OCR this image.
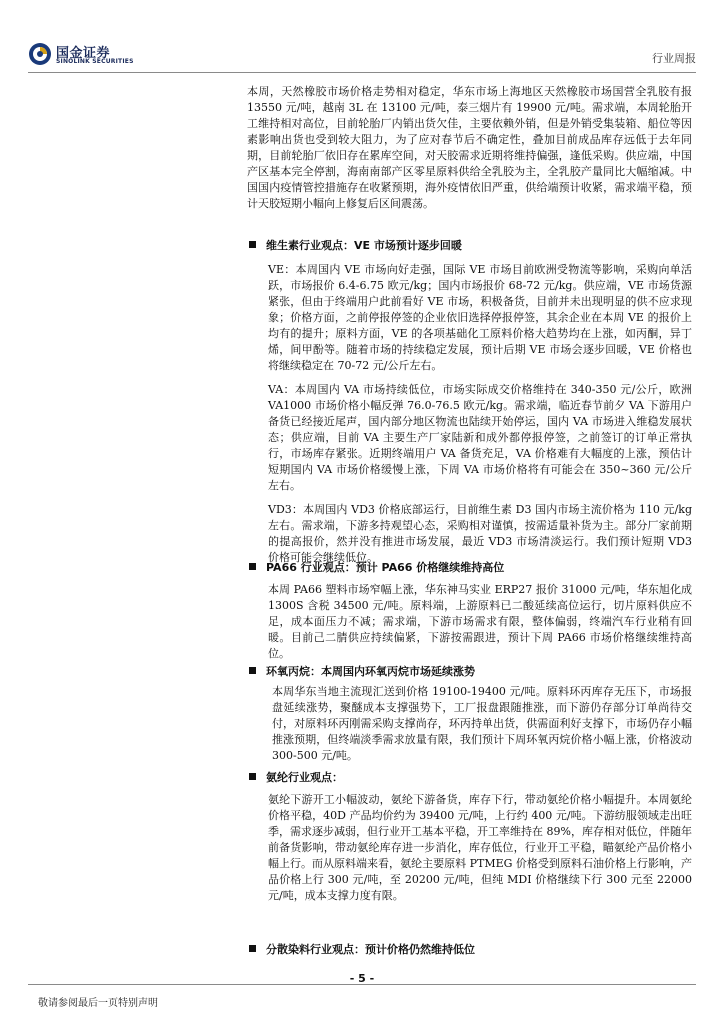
国金证券
SINOLINK SECURITIES	行业周报

本周，天然橡胶市场价格走势相对稳定，华东市场上海地区天然橡胶市场国营全乳胶有报 13550 元/吨，越南 3L 在 13100 元/吨，泰三烟片有 19900 元/吨。需求端，本周轮胎开工维持相对高位，目前轮胎厂内销出货欠佳，主要依赖外销，但是外销受集装箱、船位等因素影响出货也受到较大阻力，为了应对春节后不确定性，叠加目前成品库存远低于去年同期，目前轮胎厂依旧存在累库空间，对天胶需求近期将维持偏强，逢低采购。供应端，中国产区基本完全停割，海南南部产区零星原料供给全乳胶为主，全乳胶产量同比大幅缩减。中国国内疫情管控措施存在收紧预期，海外疫情依旧严重，供给端预计收紧，需求端平稳，预计天胶短期小幅向上修复后区间震荡。

维生素行业观点：VE 市场预计逐步回暖

VE：本周国内 VE 市场向好走强，国际 VE 市场目前欧洲受物流等影响，采购向单活跃，市场报价 6.4-6.75 欧元/kg；国内市场报价 68-72 元/kg。供应端，VE 市场货源紧张，但由于终端用户此前看好 VE 市场，积极备货，目前并未出现明显的供不应求现象；价格方面，之前停报停签的企业依旧选择停报停签，其余企业在本周 VE 的报价上均有的提升；原料方面，VE 的各项基础化工原料价格大趋势均在上涨，如丙酮，异丁烯，间甲酚等。随着市场的持续稳定发展，预计后期 VE 市场会逐步回暖，VE 价格也将继续稳定在 70-72 元/公斤左右。

VA：本周国内 VA 市场持续低位，市场实际成交价格维持在 340-350 元/公斤，欧洲 VA1000 市场价格小幅反弹 76.0-76.5 欧元/kg。需求端，临近春节前夕 VA 下游用户备货已经接近尾声，国内部分地区物流也陆续开始停运，国内 VA 市场进入维稳发展状态；供应端，目前 VA 主要生产厂家陆新和成外都停报停签，之前签订的订单正常执行，市场库存紧张。近期终端用户 VA 备货充足，VA 价格难有大幅度的上涨，预估计短期国内 VA 市场价格缓慢上涨，下周 VA 市场价格将有可能会在 350~360 元/公斤左右。

VD3：本周国内 VD3 价格底部运行，目前维生素 D3 国内市场主流价格为 110 元/kg 左右。需求端，下游多持观望心态，采购相对谨慎，按需适量补货为主。部分厂家前期的提高报价，然并没有推进市场发展，最近 VD3 市场清淡运行。我们预计短期 VD3 价格可能会继续低位。

PA66 行业观点：预计 PA66 价格继续维持高位

本周 PA66 塑料市场窄幅上涨，华东神马实业 ERP27 报价 31000 元/吨，华东旭化成 1300S 含税 34500 元/吨。原料端，上游原料已二酸延续高位运行，切片原料供应不足，成本面压力不减；需求端，下游市场需求有限，整体偏弱，终端汽车行业稍有回暖。目前己二腈供应持续偏紧，下游按需跟进，预计下周 PA66 市场价格继续维持高位。

环氧丙烷：本周国内环氧丙烷市场延续涨势

本周华东当地主流现汇送到价格 19100-19400 元/吨。原料环丙库存无压下，市场报盘延续涨势，聚醚成本支撑强势下，工厂报盘跟随推涨，而下游仍存部分订单尚待交付，对原料环丙刚需采购支撑尚存，环丙持单出货，供需面利好支撑下，市场仍存小幅推涨预期，但终端淡季需求放量有限，我们预计下周环氧丙烷价格小幅上涨，价格波动 300-500 元/吨。

氨纶行业观点：

氨纶下游开工小幅波动，氨纶下游备货，库存下行，带动氨纶价格小幅提升。本周氨纶价格平稳，40D 产品均价约为 39400 元/吨，上行约 400 元/吨。下游纺服领域走出旺季，需求逐步减弱，但行业开工基本平稳，开工率维持在 89%，库存相对低位，伴随年前备货影响，带动氨纶库存进一步消化，库存低位，行业开工平稳，瞄氨纶产品价格小幅上行。而从原料端来看，氨纶主要原料 PTMEG 价格受到原料石油价格上行影响，产品价格上行 300 元/吨，至 20200 元/吨，但纯 MDI 价格继续下行 300 元至 22000 元/吨，成本支撑力度有限。

分散染料行业观点：预计价格仍然维持低位
- 5 -
敬请参阅最后一页特别声明
